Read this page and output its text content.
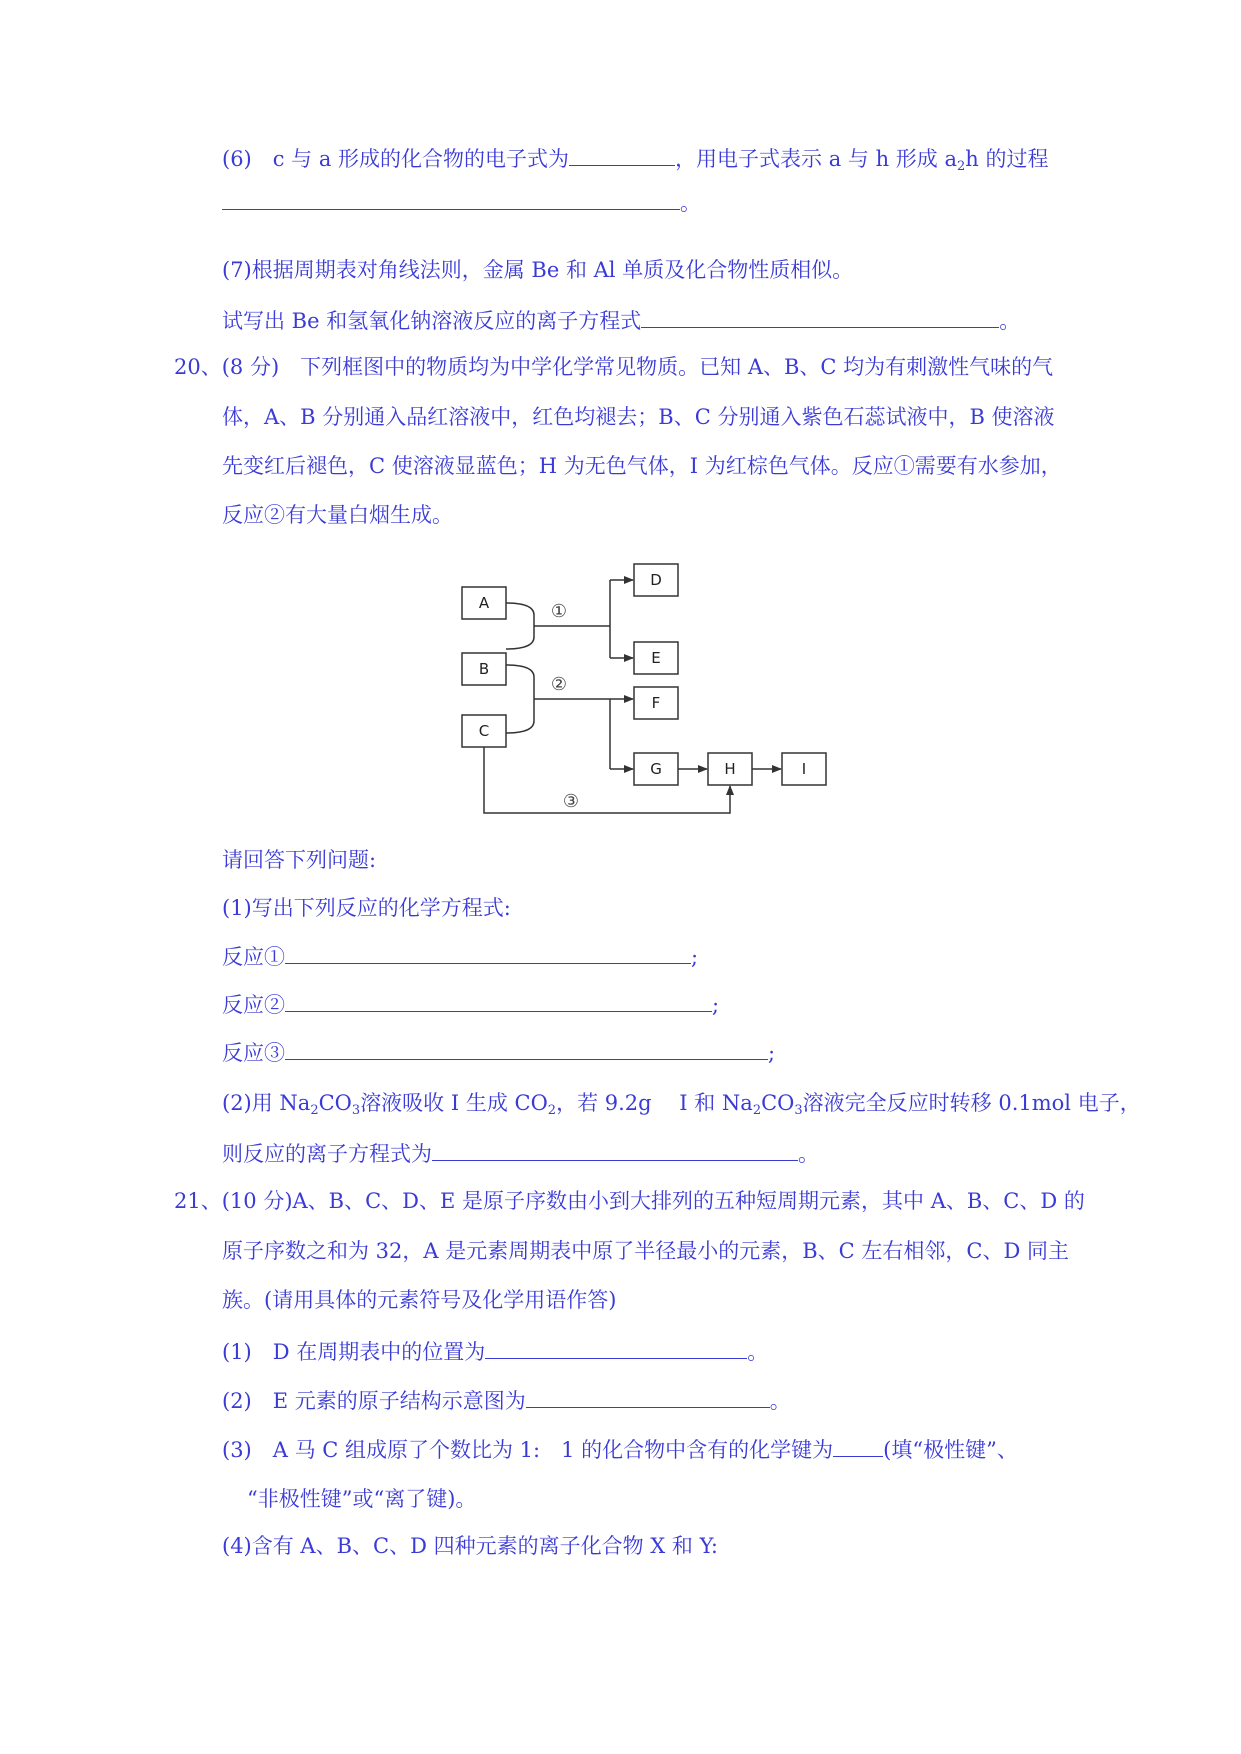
(6)　c 与 a 形成的化合物的电子式为	，用电子式表示 a 与 h 形成 $a_2h$ 的过程
。
(7)根据周期表对角线法则，金属 Be 和 Al 单质及化合物性质相似。
试写出 Be 和氢氧化钠溶液反应的离子方程式	。
20、(8 分)　下列框图中的物质均为中学化学常见物质。已知 A、B、C 均为有刺激性气味的气
体，A、B 分别通入品红溶液中，红色均褪去；B、C 分别通入紫色石蕊试液中，B 使溶液
先变红后褪色，C 使溶液显蓝色；H 为无色气体，I 为红棕色气体。反应①需要有水参加，
反应②有大量白烟生成。
A
B
C
D
E
F
G	H	I
①
②
③
请回答下列问题:
(1)写出下列反应的化学方程式:
反应①	;
反应②	;
反应③	;
(2)用 $Na_2CO_3$溶液吸收 I 生成 $CO_2$，若 9.2g　 I 和 $Na_2CO_3$溶液完全反应时转移 0.1mol 电子，
则反应的离子方程式为	。
21、(10 分)A、B、C、D、E 是原子序数由小到大排列的五种短周期元素，其中 A、B、C、D 的
原子序数之和为 32，A 是元素周期表中原了半径最小的元素，B、C 左右相邻，C、D 同主
族。(请用具体的元素符号及化学用语作答)
(1)　D 在周期表中的位置为	。
(2)　E 元素的原子结构示意图为	。
(3)　A 马 C 组成原了个数比为 1:　1 的化合物中含有的化学键为 (填“极性键”、
“非极性键”或“离了键)。
(4)含有 A、B、C、D 四种元素的离子化合物 X 和 Y:
